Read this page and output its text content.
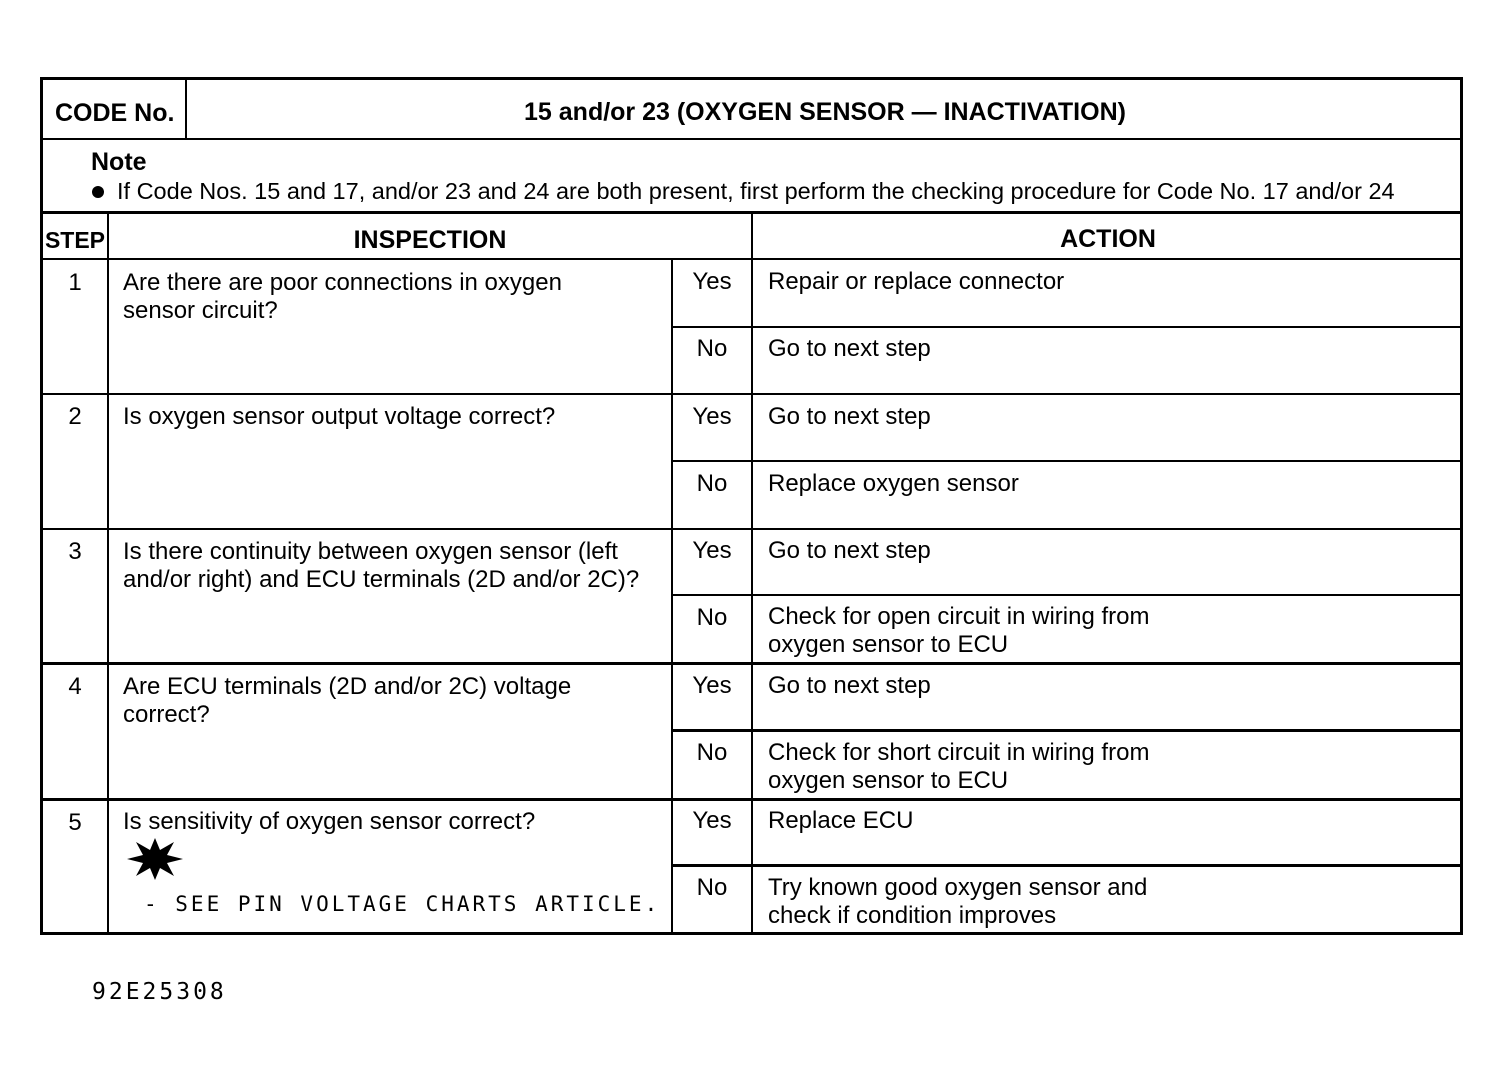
CODE No.	15 and/or 23 (OXYGEN SENSOR — INACTIVATION)
Note
If Code Nos. 15 and 17, and/or 23 and 24 are both present, first perform the checking procedure for Code No. 17 and/or 24
STEP	INSPECTION	ACTION
1	Are there are poor connections in oxygen
sensor circuit?
Yes	Repair or replace connector
No	Go to next step
2	Is oxygen sensor output voltage correct?	Yes	Go to next step
No	Replace oxygen sensor
3	Is there continuity between oxygen sensor (left
and/or right) and ECU terminals (2D and/or 2C)?
Yes	Go to next step
No	Check for open circuit in wiring from
oxygen sensor to ECU
4	Are ECU terminals (2D and/or 2C) voltage
correct?
Yes	Go to next step
No	Check for short circuit in wiring from
oxygen sensor to ECU
5	Is sensitivity of oxygen sensor correct?
- SEE PIN VOLTAGE CHARTS ARTICLE.
Yes	Replace ECU
No	Try known good oxygen sensor and
check if condition improves
92E25308
